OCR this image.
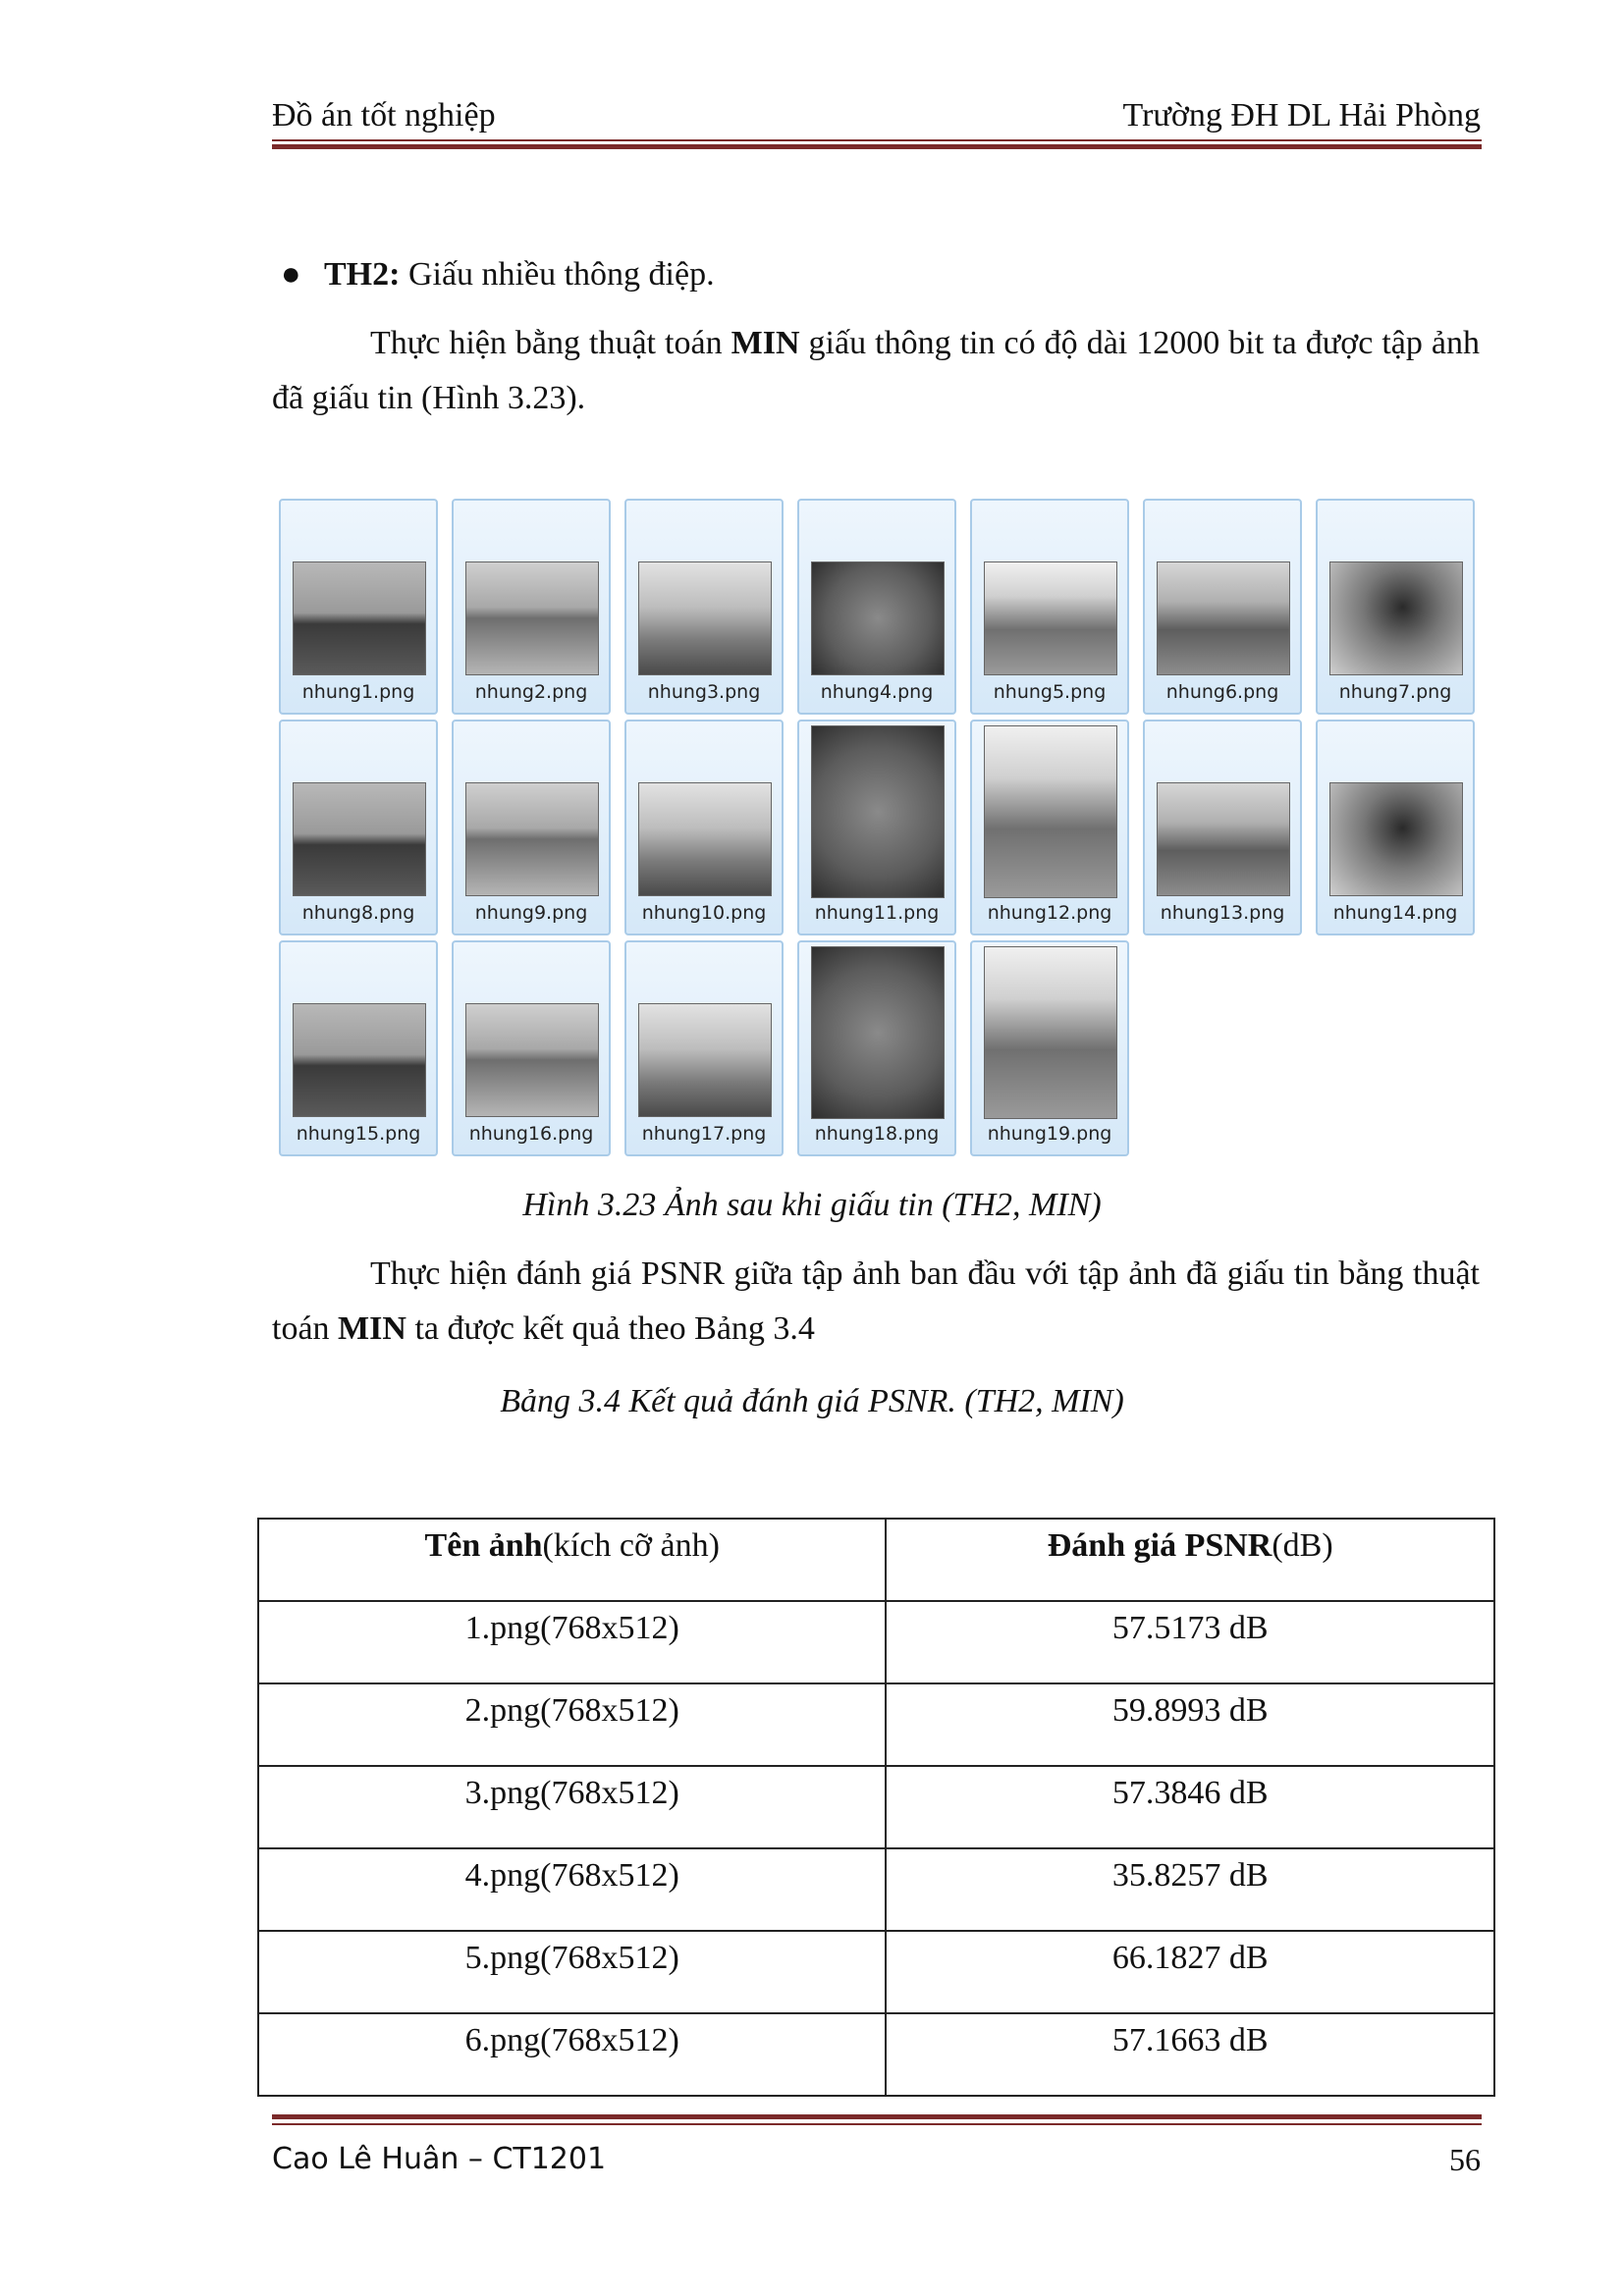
Đồ án tốt nghiệp	Trường ĐH DL Hải Phòng
● TH2: Giấu nhiều thông điệp.
Thực hiện bằng thuật toán MIN giấu thông tin có độ dài 12000 bit ta được tập ảnh đã giấu tin (Hình 3.23).
nhung1.png	nhung2.png	nhung3.png	nhung4.png	nhung5.png	nhung6.png	nhung7.png
nhung8.png	nhung9.png	nhung10.png	nhung11.png	nhung12.png	nhung13.png	nhung14.png
nhung15.png	nhung16.png	nhung17.png	nhung18.png	nhung19.png
Hình 3.23 Ảnh sau khi giấu tin (TH2, MIN)
Thực hiện đánh giá PSNR giữa tập ảnh ban đầu với tập ảnh đã giấu tin bằng thuật toán MIN ta được kết quả theo Bảng 3.4
Bảng 3.4 Kết quả đánh giá PSNR. (TH2, MIN)
Tên ảnh(kích cỡ ảnh)	Đánh giá PSNR(dB)
1.png(768x512)	57.5173 dB
2.png(768x512)	59.8993 dB
3.png(768x512)	57.3846 dB
4.png(768x512)	35.8257 dB
5.png(768x512)	66.1827 dB
6.png(768x512)	57.1663 dB
Cao Lê Huân – CT1201	56
